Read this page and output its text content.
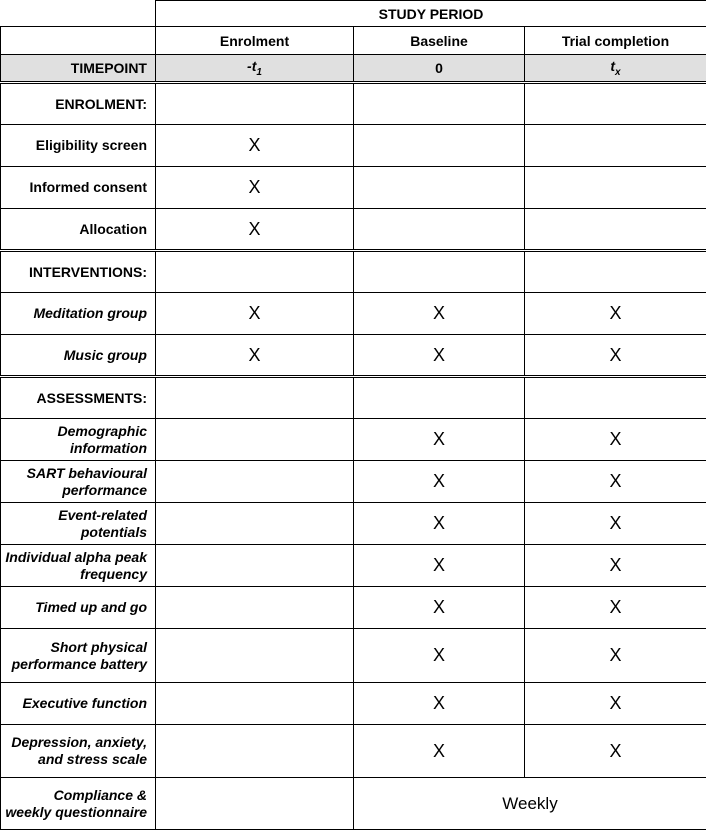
	STUDY PERIOD		
	Enrolment	Baseline	Trial completion
TIMEPOINT	$-t_1$	0	$t_x$
ENROLMENT:			
Eligibility screen	X		
Informed consent	X		
Allocation	X		
INTERVENTIONS:			
Meditation group	X	X	X
Music group	X	X	X
ASSESSMENTS:			
Demographic information		X	X
SART behavioural performance		X	X
Event-related potentials		X	X
Individual alpha peak frequency		X	X
Timed up and go		X	X
Short physical performance battery		X	X
Executive function		X	X
Depression, anxiety, and stress scale		X	X
Compliance & weekly questionnaire		Weekly	
